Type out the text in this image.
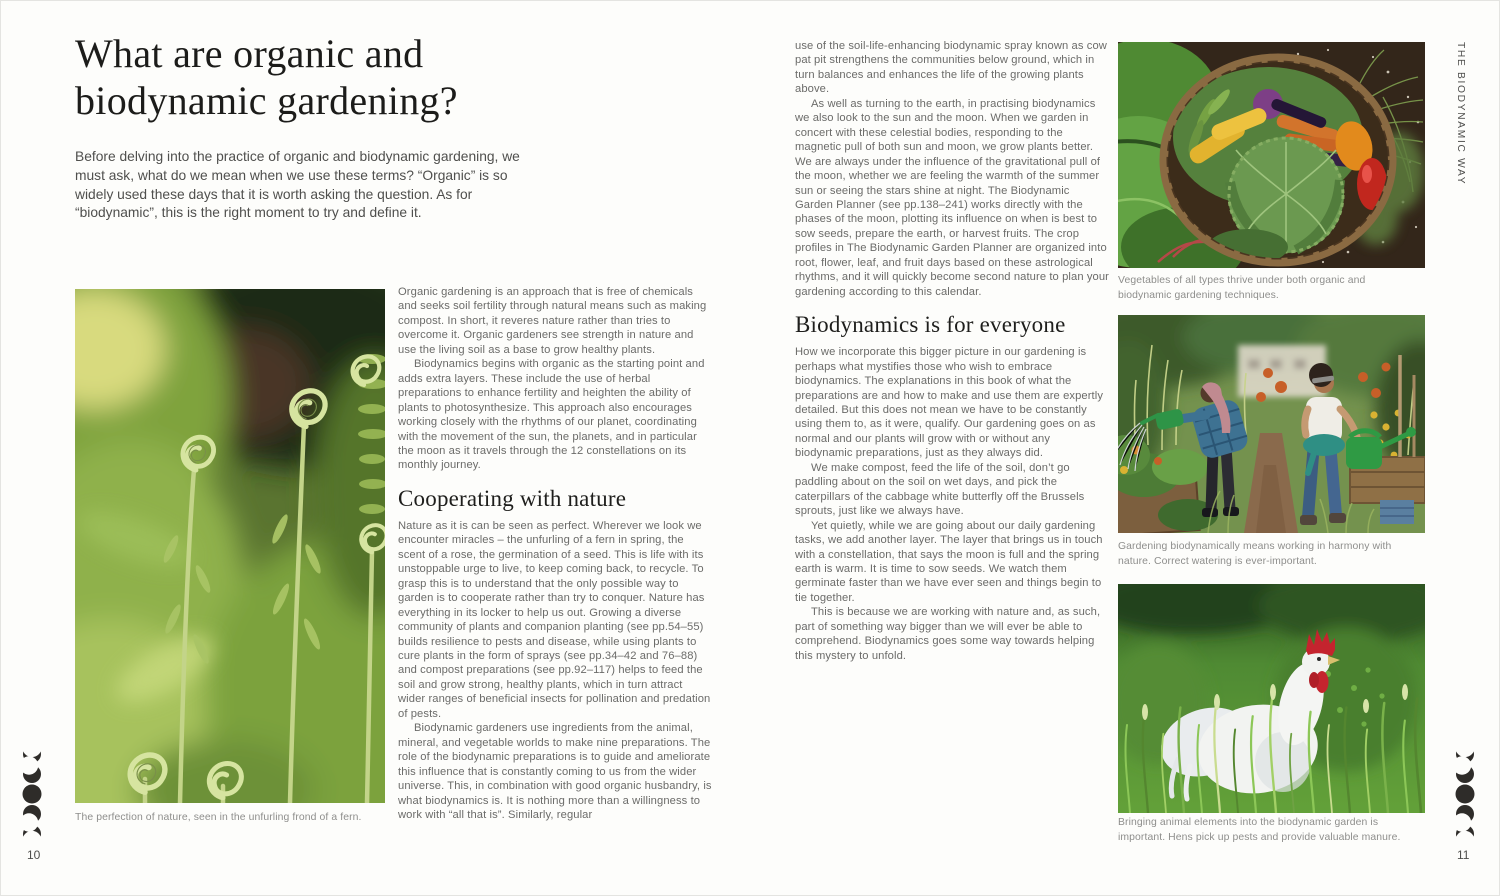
What are organic and
biodynamic gardening?
Before delving into the practice of organic and biodynamic gardening, we must ask, what do we mean when we use these terms? “Organic” is so widely used these days that it is worth asking the question. As for “biodynamic”, this is the right moment to try and define it.
The perfection of nature, seen in the unfurling frond of a fern.

Organic gardening is an approach that is free of chemicals and seeks soil fertility through natural means such as making compost. In short, it reveres nature rather than tries to overcome it. Organic gardeners see strength in nature and use the living soil as a base to grow healthy plants.

Biodynamics begins with organic as the starting point and adds extra layers. These include the use of herbal preparations to enhance fertility and heighten the ability of plants to photosynthesize. This approach also encourages working closely with the rhythms of our planet, coordinating with the movement of the sun, the planets, and in particular the moon as it travels through the 12 constellations on its monthly journey.

Cooperating with nature

Nature as it is can be seen as perfect. Wherever we look we encounter miracles – the unfurling of a fern in spring, the scent of a rose, the germination of a seed. This is life with its unstoppable urge to live, to keep coming back, to recycle. To grasp this is to understand that the only possible way to garden is to cooperate rather than try to conquer. Nature has everything in its locker to help us out. Growing a diverse community of plants and companion planting (see pp.54–55) builds resilience to pests and disease, while using plants to cure plants in the form of sprays (see pp.34–42 and 76–88) and compost preparations (see pp.92–117) helps to feed the soil and grow strong, healthy plants, which in turn attract wider ranges of beneficial insects for pollination and predation of pests.

Biodynamic gardeners use ingredients from the animal, mineral, and vegetable worlds to make nine preparations. The role of the biodynamic preparations is to guide and ameliorate this influence that is constantly coming to us from the wider universe. This, in combination with good organic husbandry, is what biodynamics is. It is nothing more than a willingness to work with “all that is”. Similarly, regular

10

use of the soil-life-enhancing biodynamic spray known as cow pat pit strengthens the communities below ground, which in turn balances and enhances the life of the growing plants above.

As well as turning to the earth, in practising biodynamics we also look to the sun and the moon. When we garden in concert with these celestial bodies, responding to the magnetic pull of both sun and moon, we grow plants better. We are always under the influence of the gravitational pull of the moon, whether we are feeling the warmth of the summer sun or seeing the stars shine at night. The Biodynamic Garden Planner (see pp.138–241) works directly with the phases of the moon, plotting its influence on when is best to sow seeds, prepare the earth, or harvest fruits. The crop profiles in The Biodynamic Garden Planner are organized into root, flower, leaf, and fruit days based on these astrological rhythms, and it will quickly become second nature to plan your gardening according to this calendar.

Biodynamics is for everyone

How we incorporate this bigger picture in our gardening is perhaps what mystifies those who wish to embrace biodynamics. The explanations in this book of what the preparations are and how to make and use them are expertly detailed. But this does not mean we have to be constantly using them to, as it were, qualify. Our gardening goes on as normal and our plants will grow with or without any biodynamic preparations, just as they always did.

We make compost, feed the life of the soil, don’t go paddling about on the soil on wet days, and pick the caterpillars of the cabbage white butterfly off the Brussels sprouts, just like we always have.

Yet quietly, while we are going about our daily gardening tasks, we add another layer. The layer that brings us in touch with a constellation, that says the moon is full and the spring earth is warm. It is time to sow seeds. We watch them germinate faster than we have ever seen and things begin to tie together.

This is because we are working with nature and, as such, part of something way bigger than we will ever be able to comprehend. Biodynamics goes some way towards helping this mystery to unfold.

Vegetables of all types thrive under both organic and biodynamic gardening techniques.
Gardening biodynamically means working in harmony with nature. Correct watering is ever-important.
Bringing animal elements into the biodynamic garden is important. Hens pick up pests and provide valuable manure.
THE BIODYNAMIC WAY
11
